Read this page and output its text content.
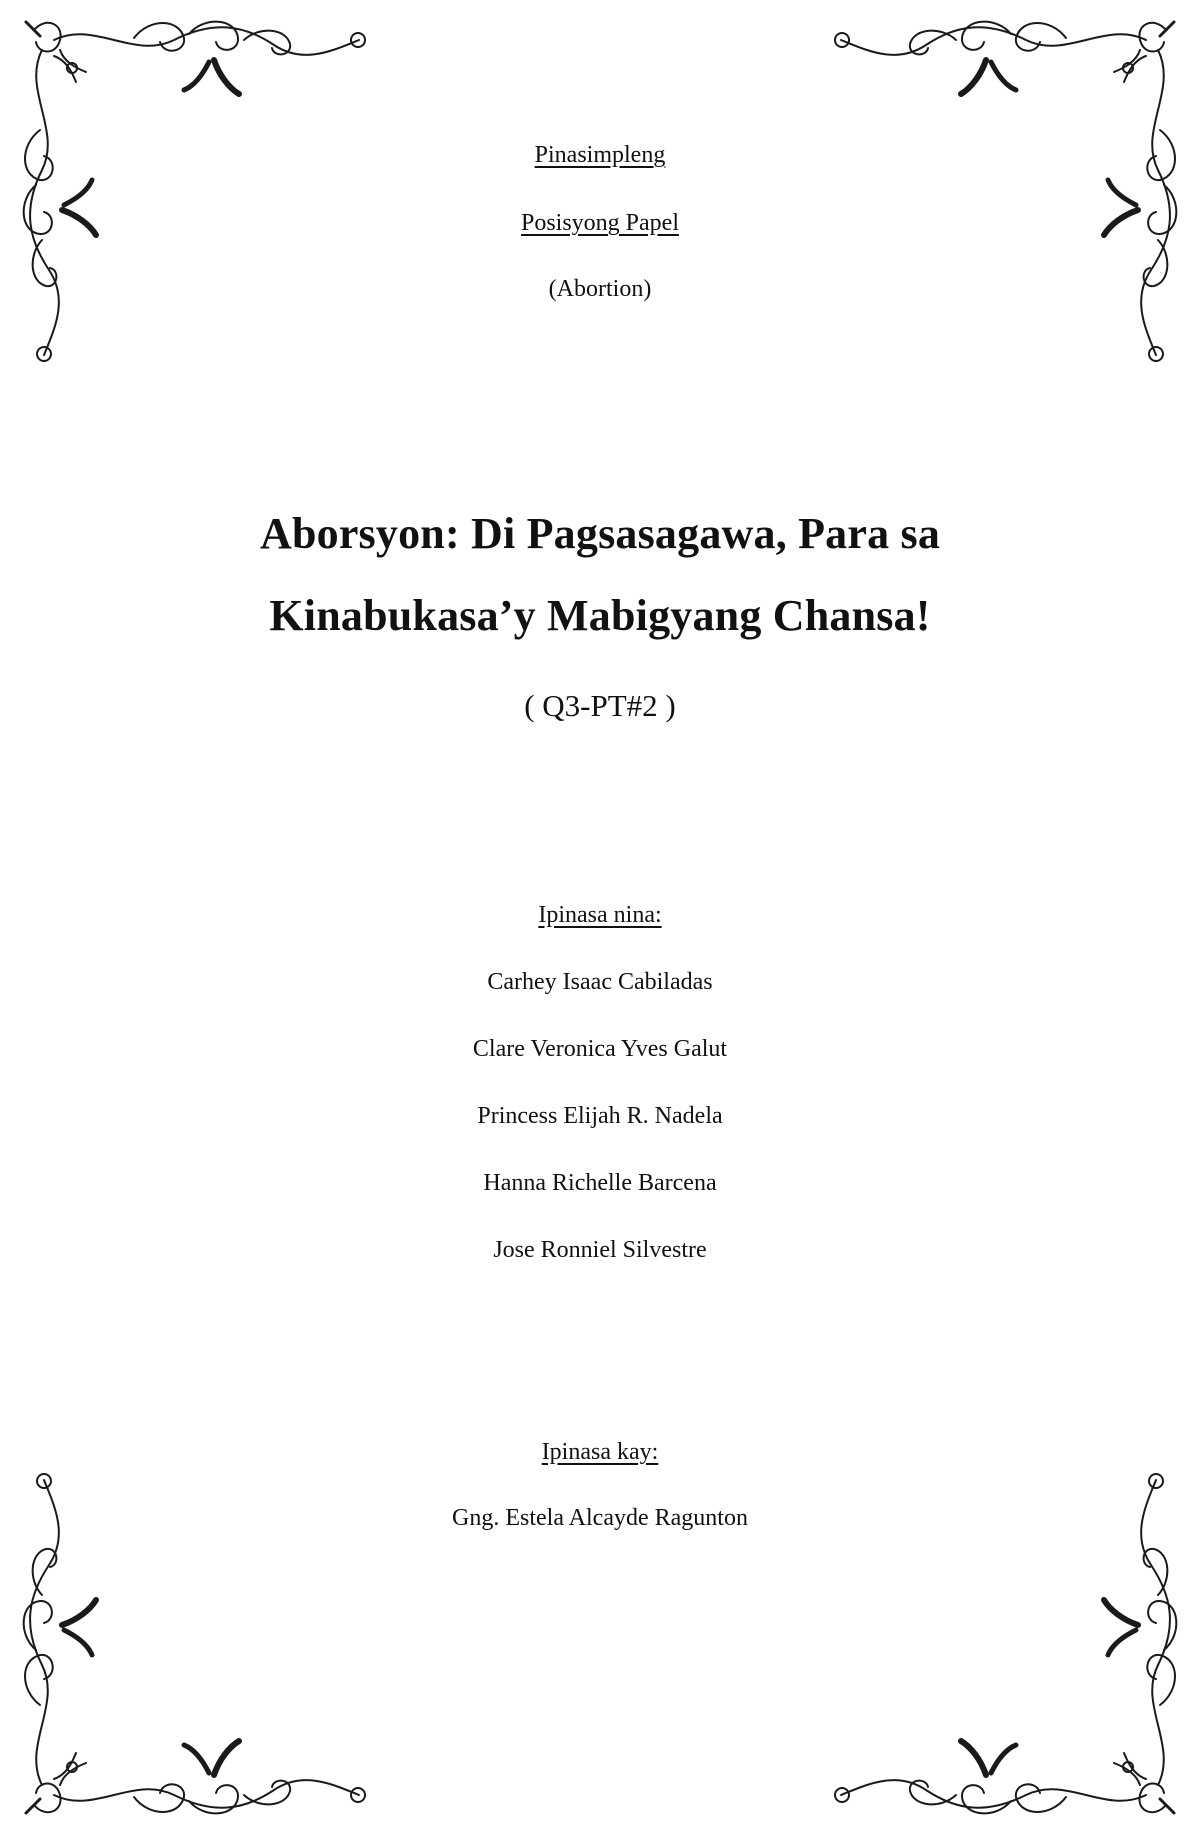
Pinasimpleng
Posisyong Papel
(Abortion)
Aborsyon: Di Pagsasagawa, Para sa
Kinabukasa’y Mabigyang Chansa!
( Q3-PT#2 )
Ipinasa nina:
Carhey Isaac Cabiladas
Clare Veronica Yves Galut
Princess Elijah R. Nadela
Hanna Richelle Barcena
Jose Ronniel Silvestre
Ipinasa kay:
Gng. Estela Alcayde Ragunton
